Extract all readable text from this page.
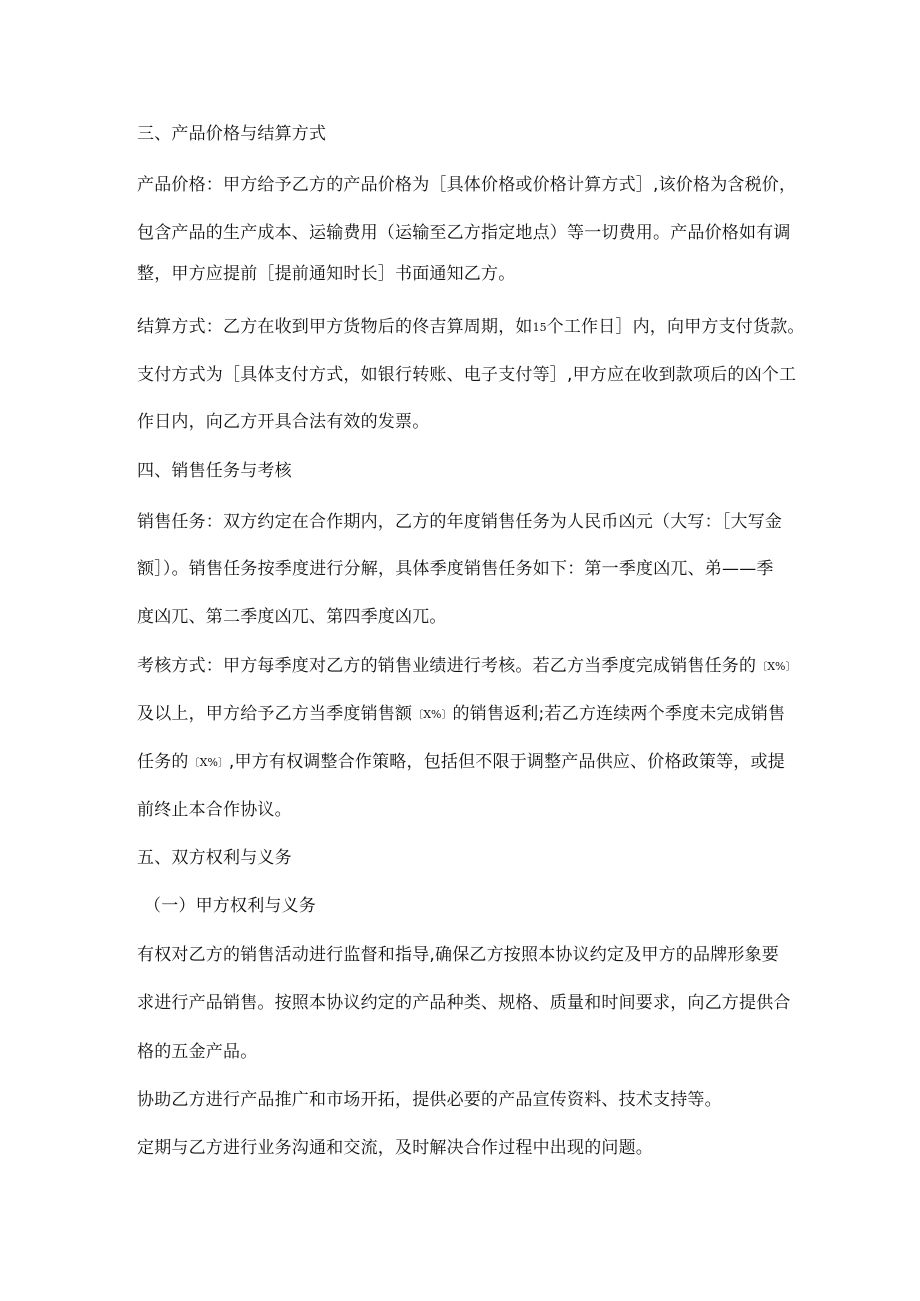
三、产品价格与结算方式
产品价格：甲方给予乙方的产品价格为［具体价格或价格计算方式］,该价格为含税价，
包含产品的生产成本、运输费用（运输至乙方指定地点）等一切费用。产品价格如有调
整，甲方应提前［提前通知时长］书面通知乙方。
结算方式：乙方在收到甲方货物后的佟吉算周期，如15个工作日］内，向甲方支付货款。
支付方式为［具体支付方式，如银行转账、电子支付等］,甲方应在收到款项后的凶个工
作日内，向乙方开具合法有效的发票。
四、销售任务与考核
销售任务：双方约定在合作期内，乙方的年度销售任务为人民币凶元（大写：［大写金
额］）。销售任务按季度进行分解，具体季度销售任务如下：第一季度凶兀、弟——季
度凶兀、第二季度凶兀、第四季度凶兀。
考核方式：甲方每季度对乙方的销售业绩进行考核。若乙方当季度完成销售任务的〔X%〕
及以上，甲方给予乙方当季度销售额〔X%〕的销售返利;若乙方连续两个季度未完成销售
任务的〔X%〕,甲方有权调整合作策略，包括但不限于调整产品供应、价格政策等，或提
前终止本合作协议。
五、双方权利与义务
（一）甲方权利与义务
有权对乙方的销售活动进行监督和指导,确保乙方按照本协议约定及甲方的品牌形象要
求进行产品销售。按照本协议约定的产品种类、规格、质量和时间要求，向乙方提供合
格的五金产品。
协助乙方进行产品推广和市场开拓，提供必要的产品宣传资料、技术支持等。
定期与乙方进行业务沟通和交流，及时解决合作过程中出现的问题。
